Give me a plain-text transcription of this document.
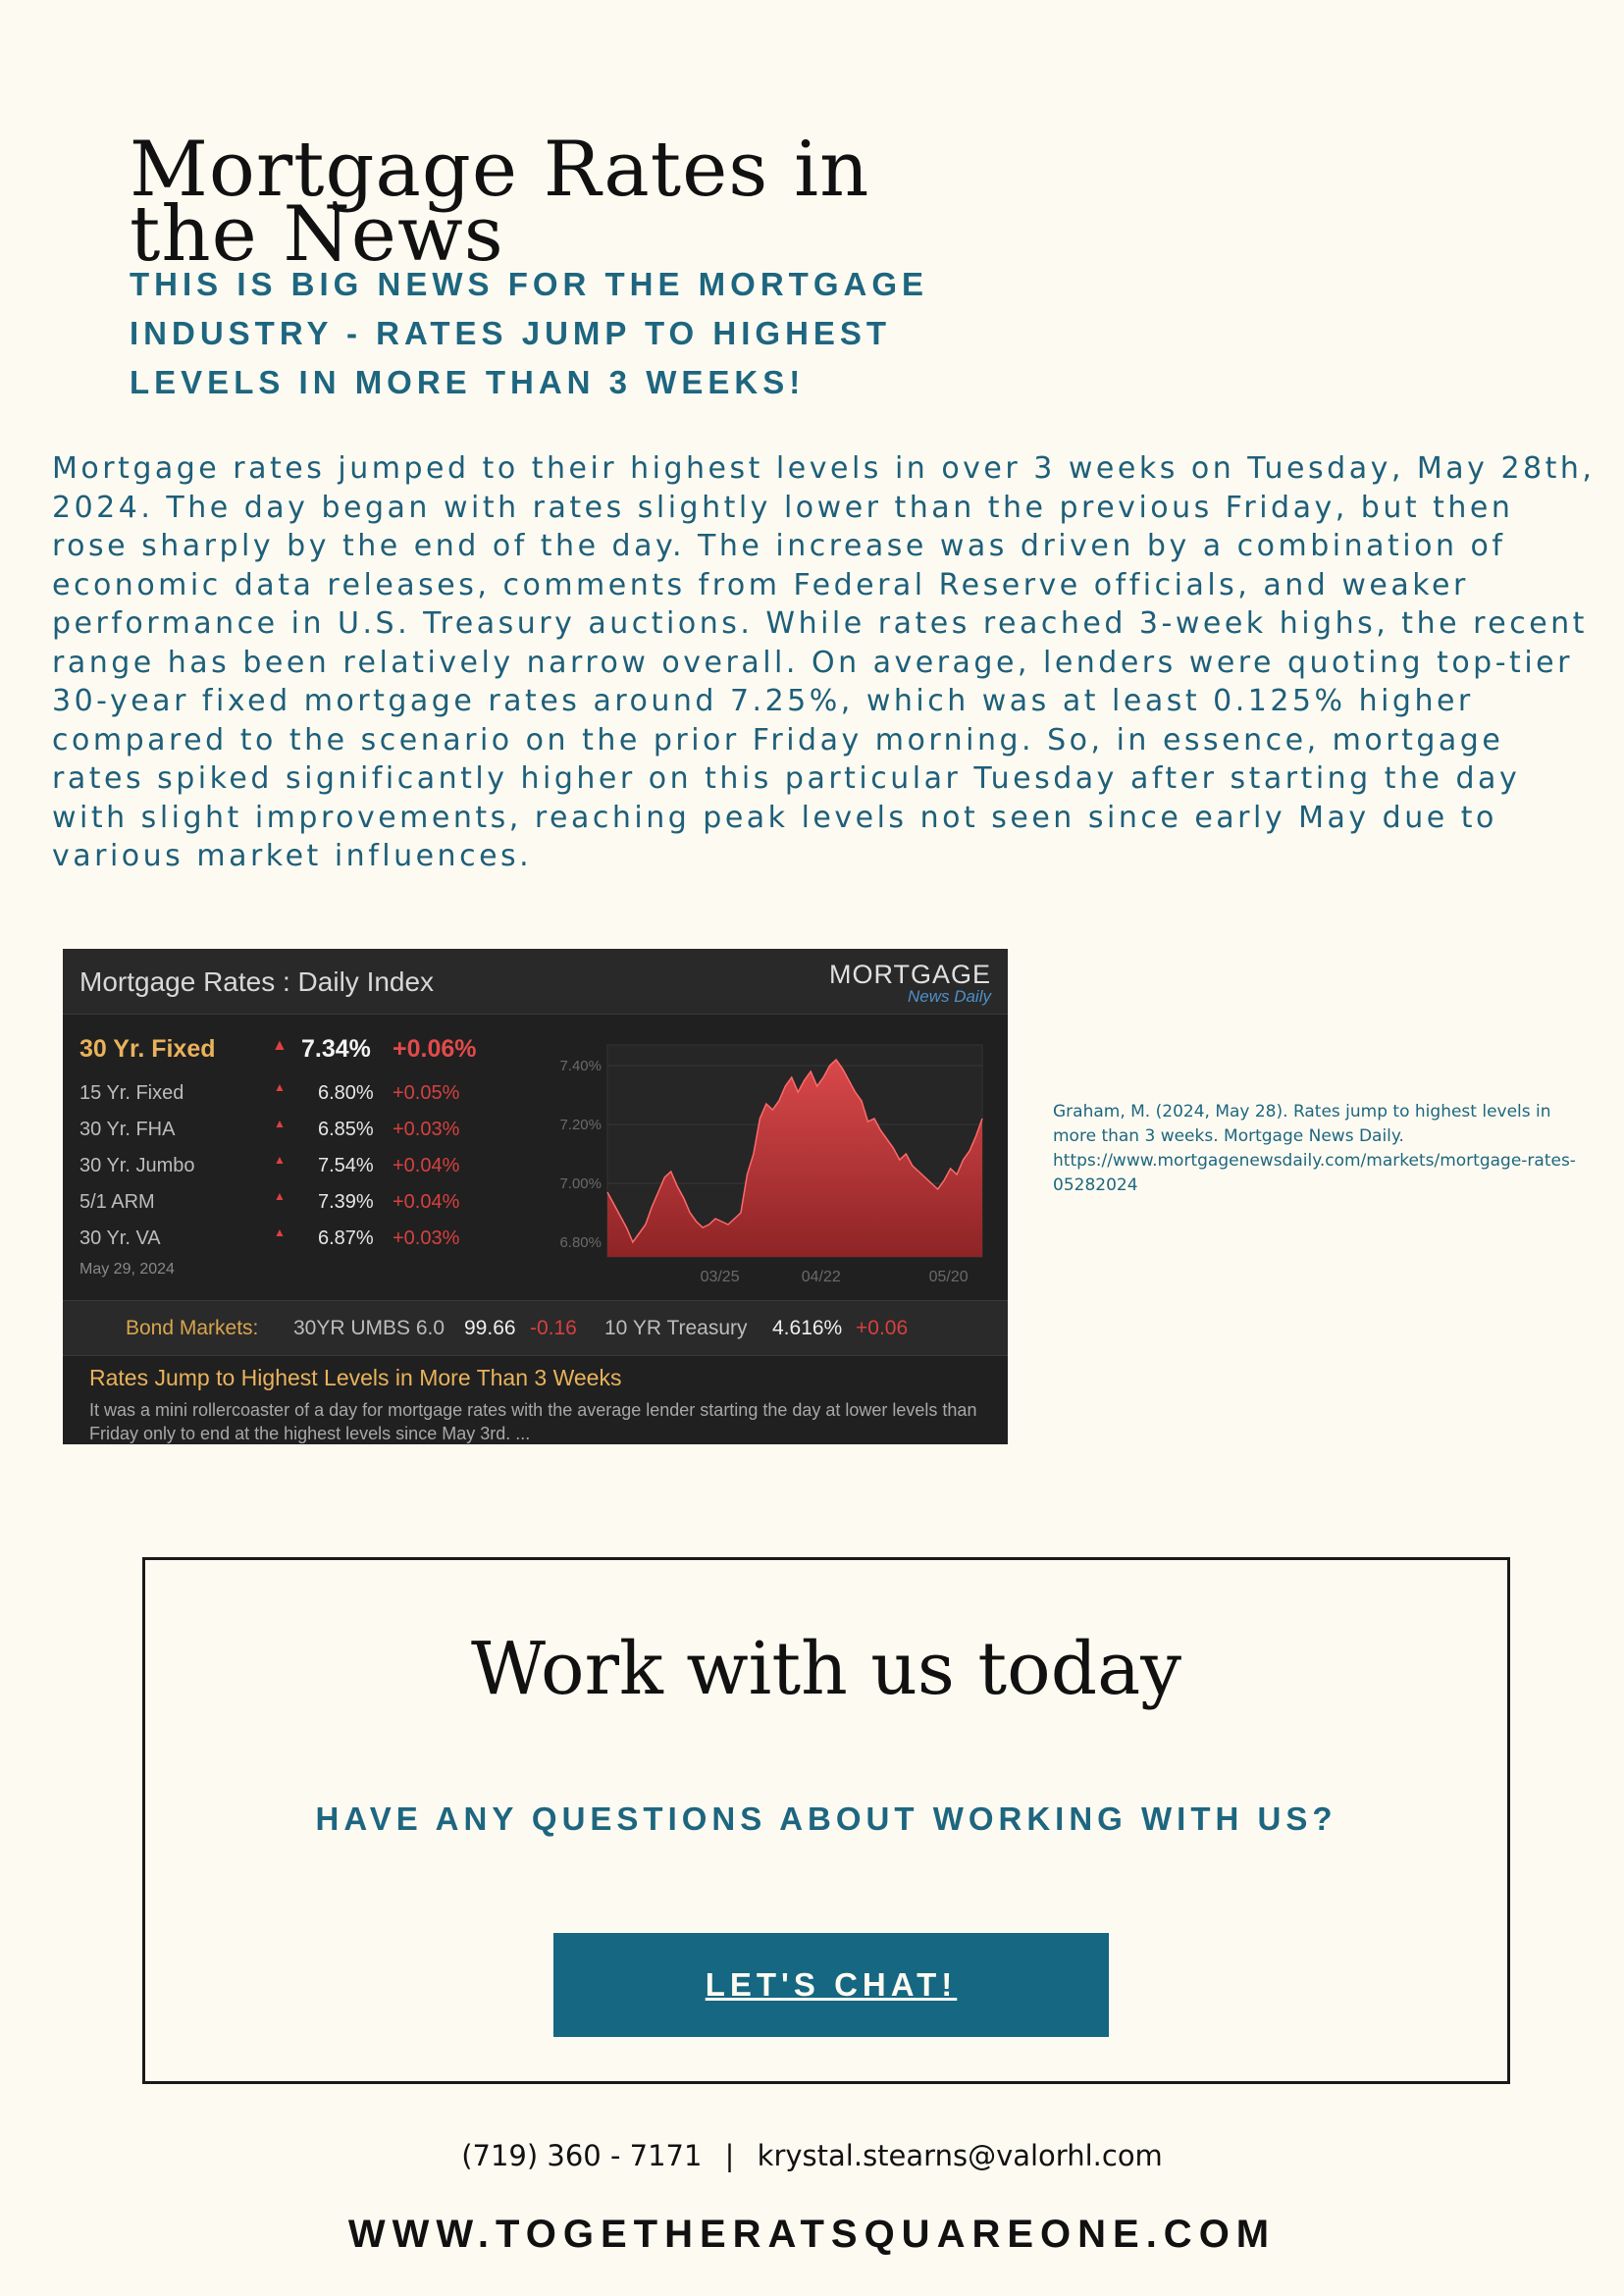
Mortgage Rates in the News
THIS IS BIG NEWS FOR THE MORTGAGE INDUSTRY - RATES JUMP TO HIGHEST LEVELS IN MORE THAN 3 WEEKS!

Mortgage rates jumped to their highest levels in over 3 weeks on Tuesday, May 28th, 2024. The day began with rates slightly lower than the previous Friday, but then rose sharply by the end of the day. The increase was driven by a combination of economic data releases, comments from Federal Reserve officials, and weaker performance in U.S. Treasury auctions. While rates reached 3-week highs, the recent range has been relatively narrow overall. On average, lenders were quoting top-tier 30-year fixed mortgage rates around 7.25%, which was at least 0.125% higher compared to the scenario on the prior Friday morning. So, in essence, mortgage rates spiked significantly higher on this particular Tuesday after starting the day with slight improvements, reaching peak levels not seen since early May due to various market influences.

Mortgage Rates : Daily Index	MORTGAGE
News Daily
30 Yr. Fixed	▲ 7.34% +0.06%
15 Yr. Fixed	▲ 6.80% +0.05%
30 Yr. FHA	▲ 6.85% +0.03%
30 Yr. Jumbo	▲ 7.54% +0.04%
5/1 ARM	▲ 7.39% +0.04%
30 Yr. VA	▲ 6.87% +0.03%
May 29, 2024
7.40%
7.20%
7.00%
6.80%
03/25	04/22	05/20
Bond Markets: 30YR UMBS 6.0 99.66 -0.16 10 YR Treasury 4.616% +0.06
Rates Jump to Highest Levels in More Than 3 Weeks
It was a mini rollercoaster of a day for mortgage rates with the average lender starting the day at lower levels than Friday only to end at the highest levels since May 3rd. ...
Graham, M. (2024, May 28). Rates jump to highest levels in more than 3 weeks. Mortgage News Daily. https://www.mortgagenewsdaily.com/markets/mortgage-rates-05282024
Work with us today
HAVE ANY QUESTIONS ABOUT WORKING WITH US?
LET'S CHAT!
(719) 360 - 7171 | krystal.stearns@valorhl.com
WWW.TOGETHERATSQUAREONE.COM
